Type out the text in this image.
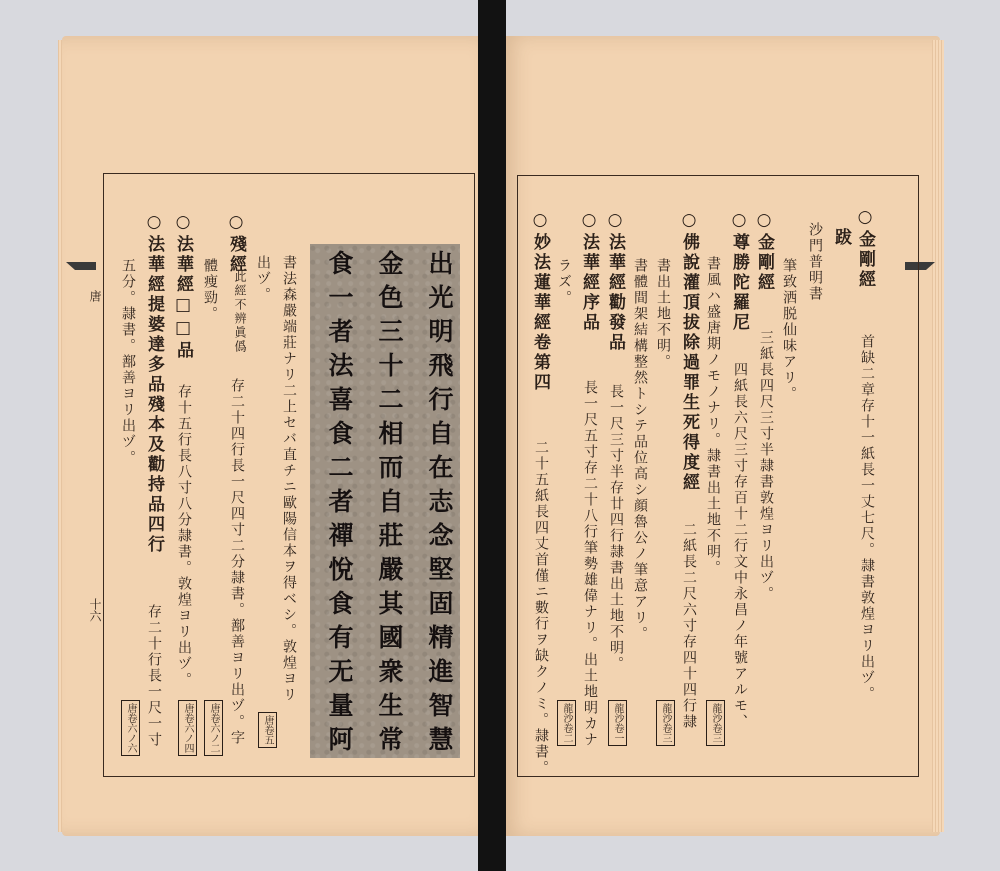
唐
十六	出光明飛行自在志念堅固精進智慧
金色三十二相而自莊嚴其國衆生常
食一者法喜食二者禪悅食有无量阿
書法森嚴端莊ナリ二上セバ直チニ歐陽信本ヲ得ベシ。敦煌ヨリ
出ヅ。
○殘經
此經不辨眞僞
存二十四行長一尺四寸二分隷書。鄯善ヨリ出ヅ。字
體痩勁。
○法華經□□品
存十五行長八寸八分隷書。敦煌ヨリ出ヅ。
○法華經提婆達多品殘本及勸持品四行
存二十行長一尺一寸
五分。隷書。鄯善ヨリ出ヅ。
唐卷五
唐卷六ノ二
唐卷六ノ四
唐卷六ノ六
○金剛經
首缺二章存十一紙長一丈七尺。隷書敦煌ヨリ出ヅ。
跋
沙門普明書
筆致洒脱仙味アリ。
○金剛經
三紙長四尺三寸半隷書敦煌ヨリ出ヅ。
○尊勝陀羅尼
四紙長六尺三寸存百十二行文中永昌ノ年號アルモ、
書風ハ盛唐期ノモノナリ。隷書出土地不明。
○佛說灌頂拔除過罪生死得度經
二紙長二尺六寸存四十四行隷
書出土地不明。
書體間架結構整然トシテ品位高シ顔魯公ノ筆意アリ。
○法華經勸發品
長一尺三寸半存廿四行隷書出土地不明。
○法華經序品
長一尺五寸存二十八行筆勢雄偉ナリ。出土地明カナ
ラズ。
○妙法蓮華經卷第四
二十五紙長四丈首僅ニ數行ヲ缺クノミ。隷書。	龍沙卷三
龍沙卷三
龍沙卷一
龍沙卷二
